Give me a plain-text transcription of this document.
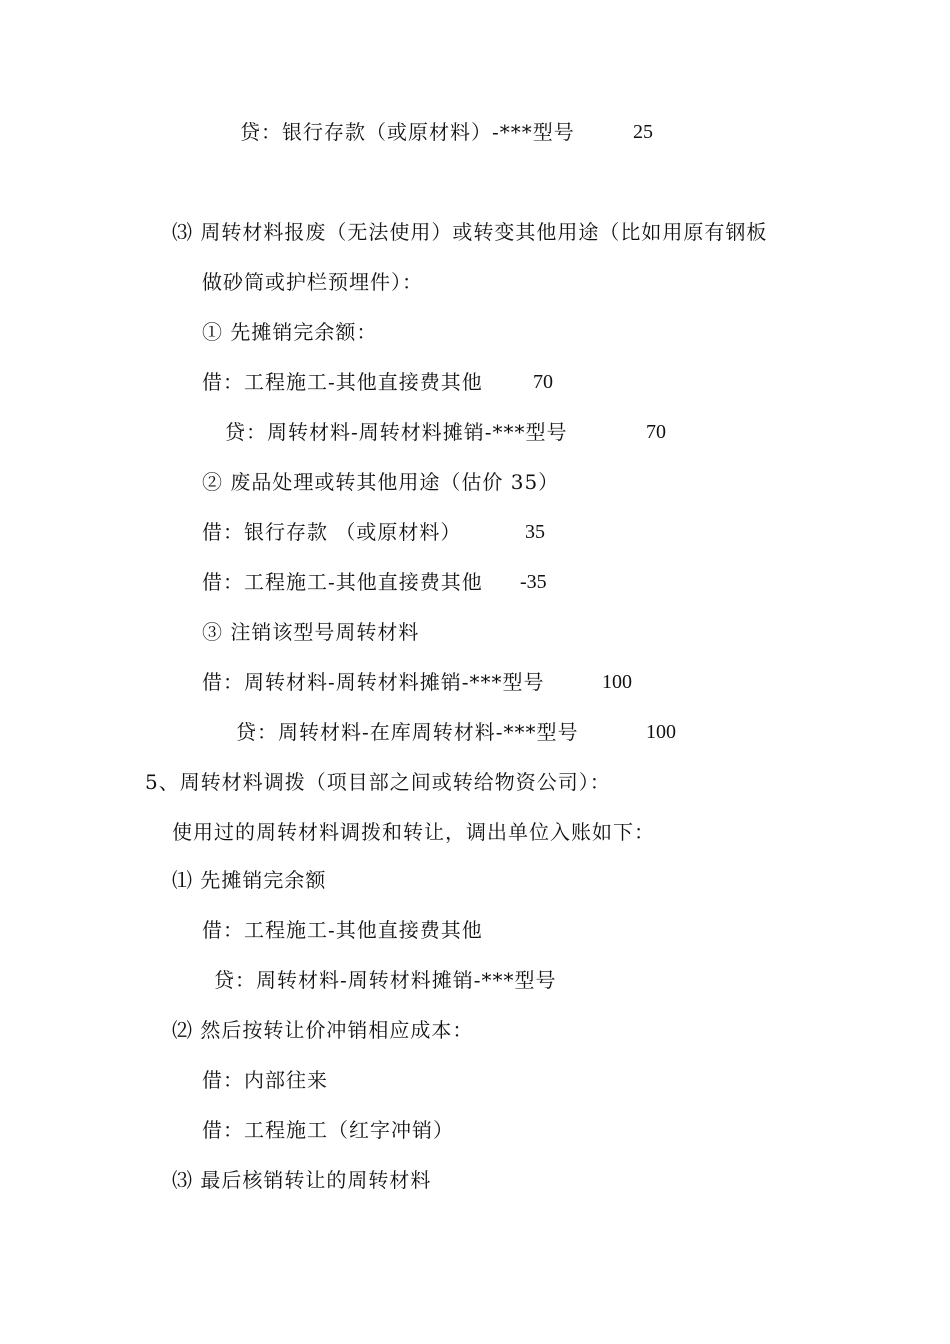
贷：银行存款（或原材料）-***型号	25
⑶ 周转材料报废（无法使用）或转变其他用途（比如用原有钢板
做砂筒或护栏预埋件）：
① 先摊销完余额：
借：工程施工-其他直接费其他	70
贷：周转材料-周转材料摊销-***型号	70
② 废品处理或转其他用途（估价 35）
借：银行存款 （或原材料）	35
借：工程施工-其他直接费其他 -35
③ 注销该型号周转材料
借：周转材料-周转材料摊销-***型号	100
贷：周转材料-在库周转材料-***型号	100
5、周转材料调拨（项目部之间或转给物资公司）：
使用过的周转材料调拨和转让，调出单位入账如下：
⑴ 先摊销完余额
借：工程施工-其他直接费其他
贷：周转材料-周转材料摊销-***型号
⑵ 然后按转让价冲销相应成本：
借：内部往来
借：工程施工（红字冲销）
⑶ 最后核销转让的周转材料
